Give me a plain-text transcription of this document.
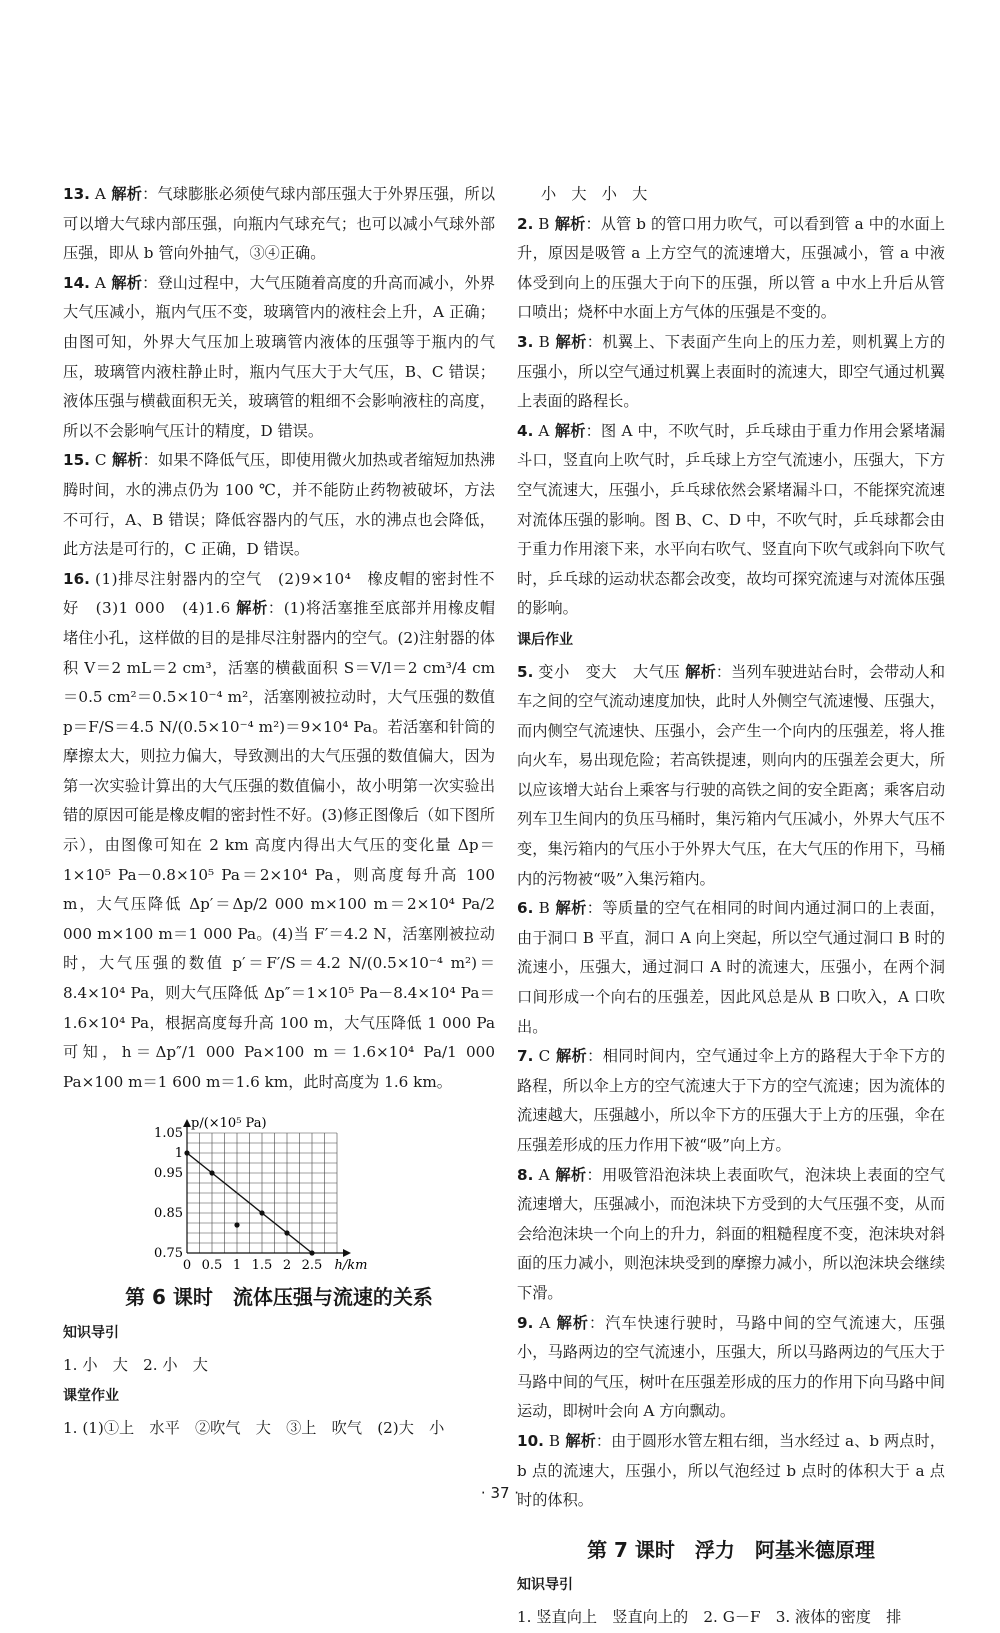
13. A 解析：气球膨胀必须使气球内部压强大于外界压强，所以可以增大气球内部压强，向瓶内气球充气；也可以减小气球外部压强，即从 b 管向外抽气，③④正确。

14. A 解析：登山过程中，大气压随着高度的升高而减小，外界大气压减小，瓶内气压不变，玻璃管内的液柱会上升，A 正确；由图可知，外界大气压加上玻璃管内液体的压强等于瓶内的气压，玻璃管内液柱静止时，瓶内气压大于大气压，B、C 错误；液体压强与横截面积无关，玻璃管的粗细不会影响液柱的高度，所以不会影响气压计的精度，D 错误。

15. C 解析：如果不降低气压，即使用微火加热或者缩短加热沸腾时间，水的沸点仍为 100 ℃，并不能防止药物被破坏，方法不可行，A、B 错误；降低容器内的气压，水的沸点也会降低，此方法是可行的，C 正确，D 错误。

16. (1)排尽注射器内的空气　(2)9×10⁴　橡皮帽的密封性不好　(3)1 000　(4)1.6 解析：(1)将活塞推至底部并用橡皮帽堵住小孔，这样做的目的是排尽注射器内的空气。(2)注射器的体积 V＝2 mL＝2 cm³，活塞的横截面积 S＝V/l＝2 cm³/4 cm＝0.5 cm²＝0.5×10⁻⁴ m²，活塞刚被拉动时，大气压强的数值 p＝F/S＝4.5 N/(0.5×10⁻⁴ m²)＝9×10⁴ Pa。若活塞和针筒的摩擦太大，则拉力偏大，导致测出的大气压强的数值偏大，因为第一次实验计算出的大气压强的数值偏小，故小明第一次实验出错的原因可能是橡皮帽的密封性不好。(3)修正图像后（如下图所示），由图像可知在 2 km 高度内得出大气压的变化量 Δp＝1×10⁵ Pa－0.8×10⁵ Pa＝2×10⁴ Pa，则高度每升高 100 m，大气压降低 Δp′＝Δp/2 000 m×100 m＝2×10⁴ Pa/2 000 m×100 m＝1 000 Pa。(4)当 F′＝4.2 N，活塞刚被拉动时，大气压强的数值 p′＝F′/S＝4.2 N/(0.5×10⁻⁴ m²)＝8.4×10⁴ Pa，则大气压降低 Δp″＝1×10⁵ Pa－8.4×10⁴ Pa＝1.6×10⁴ Pa，根据高度每升高 100 m，大气压降低 1 000 Pa 可知，h＝Δp″/1 000 Pa×100 m＝1.6×10⁴ Pa/1 000 Pa×100 m＝1 600 m＝1.6 km，此时高度为 1.6 km。

0 0.5 1 1.5 2 2.5
1.05
1
0.95
0.85
0.75
h/km
p/(×10⁵ Pa)
第 6 课时　流体压强与流速的关系
知识导引

1. 小　大　2. 小　大

课堂作业

1. (1)①上　水平　②吹气　大　③上　吹气　(2)大　小

小　大　小　大

2. B 解析：从管 b 的管口用力吹气，可以看到管 a 中的水面上升，原因是吸管 a 上方空气的流速增大，压强减小，管 a 中液体受到向上的压强大于向下的压强，所以管 a 中水上升后从管口喷出；烧杯中水面上方气体的压强是不变的。

3. B 解析：机翼上、下表面产生向上的压力差，则机翼上方的压强小，所以空气通过机翼上表面时的流速大，即空气通过机翼上表面的路程长。

4. A 解析：图 A 中，不吹气时，乒乓球由于重力作用会紧堵漏斗口，竖直向上吹气时，乒乓球上方空气流速小，压强大，下方空气流速大，压强小，乒乓球依然会紧堵漏斗口，不能探究流速对流体压强的影响。图 B、C、D 中，不吹气时，乒乓球都会由于重力作用滚下来，水平向右吹气、竖直向下吹气或斜向下吹气时，乒乓球的运动状态都会改变，故均可探究流速与对流体压强的影响。

课后作业

5. 变小　变大　大气压 解析：当列车驶进站台时，会带动人和车之间的空气流动速度加快，此时人外侧空气流速慢、压强大，而内侧空气流速快、压强小，会产生一个向内的压强差，将人推向火车，易出现危险；若高铁提速，则向内的压强差会更大，所以应该增大站台上乘客与行驶的高铁之间的安全距离；乘客启动列车卫生间内的负压马桶时，集污箱内气压减小，外界大气压不变，集污箱内的气压小于外界大气压，在大气压的作用下，马桶内的污物被“吸”入集污箱内。

6. B 解析：等质量的空气在相同的时间内通过洞口的上表面，由于洞口 B 平直，洞口 A 向上突起，所以空气通过洞口 B 时的流速小，压强大，通过洞口 A 时的流速大，压强小，在两个洞口间形成一个向右的压强差，因此风总是从 B 口吹入，A 口吹出。

7. C 解析：相同时间内，空气通过伞上方的路程大于伞下方的路程，所以伞上方的空气流速大于下方的空气流速；因为流体的流速越大，压强越小，所以伞下方的压强大于上方的压强，伞在压强差形成的压力作用下被“吸”向上方。

8. A 解析：用吸管沿泡沫块上表面吹气，泡沫块上表面的空气流速增大，压强减小，而泡沫块下方受到的大气压强不变，从而会给泡沫块一个向上的升力，斜面的粗糙程度不变，泡沫块对斜面的压力减小，则泡沫块受到的摩擦力减小，所以泡沫块会继续下滑。

9. A 解析：汽车快速行驶时，马路中间的空气流速大，压强小，马路两边的空气流速小，压强大，所以马路两边的气压大于马路中间的气压，树叶在压强差形成的压力的作用下向马路中间运动，即树叶会向 A 方向飘动。

10. B 解析：由于圆形水管左粗右细，当水经过 a、b 两点时，b 点的流速大，压强小，所以气泡经过 b 点时的体积大于 a 点时的体积。

第 7 课时　浮力　阿基米德原理
知识导引

1. 竖直向上　竖直向上的　2. G－F　3. 液体的密度　排

· 37 ·
